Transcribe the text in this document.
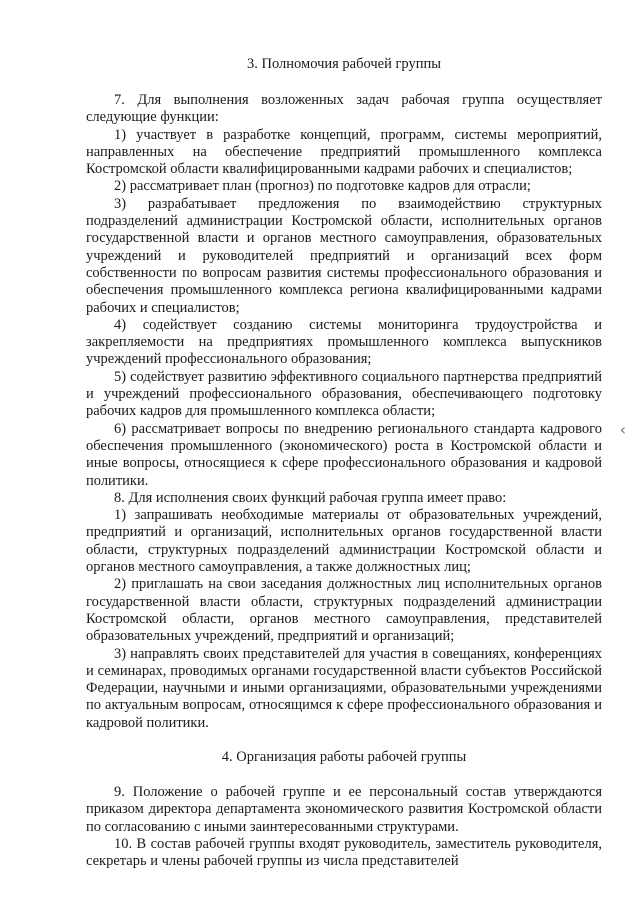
3. Полномочия рабочей группы

7. Для выполнения возложенных задач рабочая группа осуществляет следующие функции:

1) участвует в разработке концепций, программ, системы мероприятий, направленных на обеспечение предприятий промышленного комплекса Костромской области квалифицированными кадрами рабочих и специалистов;

2) рассматривает план (прогноз) по подготовке кадров для отрасли;

3) разрабатывает предложения по взаимодействию структурных подразделений администрации Костромской области, исполнительных органов государственной власти и органов местного самоуправления, образовательных учреждений и руководителей предприятий и организаций всех форм собственности по вопросам развития системы профессионального образования и обеспечения промышленного комплекса региона квалифицированными кадрами рабочих и специалистов;

4) содействует созданию системы мониторинга трудоустройства и закрепляемости на предприятиях промышленного комплекса выпускников учреждений профессионального образования;

5) содействует развитию эффективного социального партнерства предприятий и учреждений профессионального образования, обеспечивающего подготовку рабочих кадров для промышленного комплекса области;

6) рассматривает вопросы по внедрению регионального стандарта кадрового обеспечения промышленного (экономического) роста в Костромской области и иные вопросы, относящиеся к сфере профессионального образования и кадровой политики.

8. Для исполнения своих функций рабочая группа имеет право:

1) запрашивать необходимые материалы от образовательных учреждений, предприятий и организаций, исполнительных органов государственной власти области, структурных подразделений администрации Костромской области и органов местного самоуправления, а также должностных лиц;

2) приглашать на свои заседания должностных лиц исполнительных органов государственной власти области, структурных подразделений администрации Костромской области, органов местного самоуправления, представителей образовательных учреждений, предприятий и организаций;

3) направлять своих представителей для участия в совещаниях, конференциях и семинарах, проводимых органами государственной власти субъектов Российской Федерации, научными и иными организациями, образовательными учреждениями по актуальным вопросам, относящимся к сфере профессионального образования и кадровой политики.

4. Организация работы рабочей группы

9. Положение о рабочей группе и ее персональный состав утверждаются приказом директора департамента экономического развития Костромской области по согласованию с иными заинтересованными структурами.

10. В состав рабочей группы входят руководитель, заместитель руководителя, секретарь и члены рабочей группы из числа представителей

‹
